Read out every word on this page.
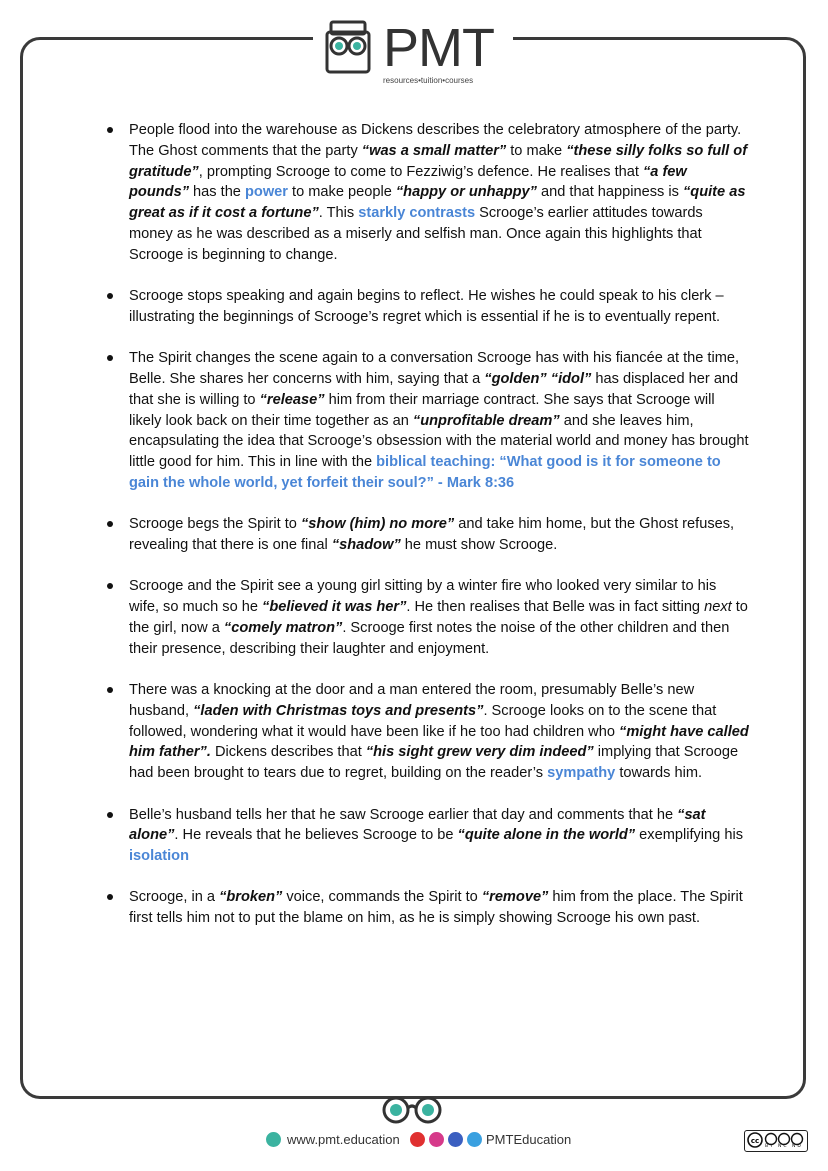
PMT
resources•tuition•courses
People flood into the warehouse as Dickens describes the celebratory atmosphere of the party. The Ghost comments that the party “was a small matter” to make “these silly folks so full of gratitude”, prompting Scrooge to come to Fezziwig’s defence. He realises that “a few pounds” has the power to make people “happy or unhappy” and that happiness is “quite as great as if it cost a fortune”. This starkly contrasts Scrooge’s earlier attitudes towards money as he was described as a miserly and selfish man. Once again this highlights that Scrooge is beginning to change.
Scrooge stops speaking and again begins to reflect. He wishes he could speak to his clerk – illustrating the beginnings of Scrooge’s regret which is essential if he is to eventually repent.
The Spirit changes the scene again to a conversation Scrooge has with his fiancée at the time, Belle. She shares her concerns with him, saying that a “golden” “idol” has displaced her and that she is willing to “release” him from their marriage contract. She says that Scrooge will likely look back on their time together as an “unprofitable dream” and she leaves him, encapsulating the idea that Scrooge’s obsession with the material world and money has brought little good for him. This in line with the biblical teaching: “What good is it for someone to gain the whole world, yet forfeit their soul?” - Mark 8:36
Scrooge begs the Spirit to “show (him) no more” and take him home, but the Ghost refuses, revealing that there is one final “shadow” he must show Scrooge.
Scrooge and the Spirit see a young girl sitting by a winter fire who looked very similar to his wife, so much so he “believed it was her”. He then realises that Belle was in fact sitting next to the girl, now a “comely matron”. Scrooge first notes the noise of the other children and then their presence, describing their laughter and enjoyment.
There was a knocking at the door and a man entered the room, presumably Belle’s new husband, “laden with Christmas toys and presents”. Scrooge looks on to the scene that followed, wondering what it would have been like if he too had children who “might have called him father”. Dickens describes that “his sight grew very dim indeed” implying that Scrooge had been brought to tears due to regret, building on the reader’s sympathy towards him.
Belle’s husband tells her that he saw Scrooge earlier that day and comments that he “sat alone”. He reveals that he believes Scrooge to be “quite alone in the world” exemplifying his isolation
Scrooge, in a “broken” voice, commands the Spirit to “remove” him from the place. The Spirit first tells him not to put the blame on him, as he is simply showing Scrooge his own past.
www.pmt.education	PMTEducation	cc
BY NC ND
